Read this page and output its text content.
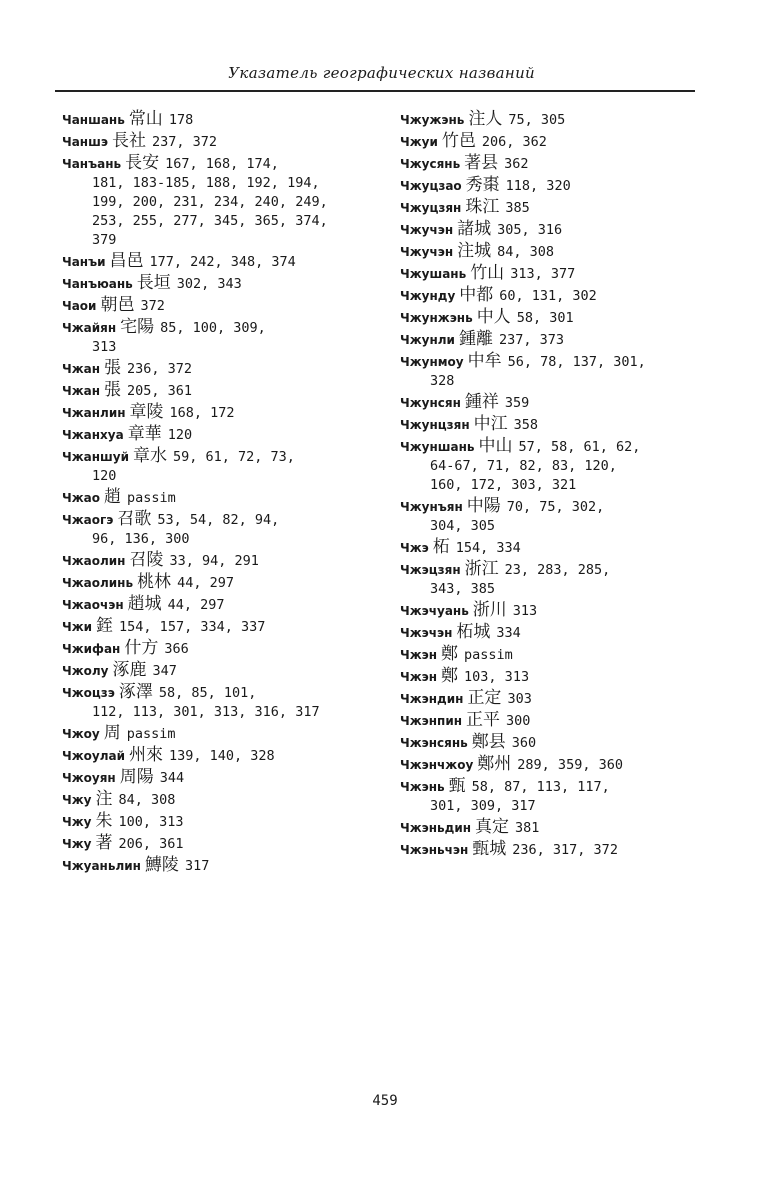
Указатель географических названий
Чаншань 常山 178
Чаншэ 長社 237, 372
Чанъань 長安 167, 168, 174,
181, 183-185, 188, 192, 194,
199, 200, 231, 234, 240, 249,
253, 255, 277, 345, 365, 374,
379
Чанъи 昌邑 177, 242, 348, 374
Чанъюань 長垣 302, 343
Чаои 朝邑 372
Чжайян 宅陽 85, 100, 309,
313
Чжан 張 236, 372
Чжан 張 205, 361
Чжанлин 章陵 168, 172
Чжанхуа 章華 120
Чжаншуй 章水 59, 61, 72, 73,
120
Чжао 趙 passim
Чжаогэ 召歌 53, 54, 82, 94,
96, 136, 300
Чжаолин 召陵 33, 94, 291
Чжаолинь 桃林 44, 297
Чжаочэн 趙城 44, 297
Чжи 銍 154, 157, 334, 337
Чжифан 什方 366
Чжолу 涿鹿 347
Чжоцзэ 涿澤 58, 85, 101,
112, 113, 301, 313, 316, 317
Чжоу 周 passim
Чжоулай 州來 139, 140, 328
Чжоуян 周陽 344
Чжу 注 84, 308
Чжу 朱 100, 313
Чжу 著 206, 361
Чжуаньлин 鱄陵 317
Чжужэнь 注人 75, 305
Чжуи 竹邑 206, 362
Чжусянь 著县 362
Чжуцзао 秀棗 118, 320
Чжуцзян 珠江 385
Чжучэн 諸城 305, 316
Чжучэн 注城 84, 308
Чжушань 竹山 313, 377
Чжунду 中都 60, 131, 302
Чжунжэнь 中人 58, 301
Чжунли 鍾離 237, 373
Чжунмоу 中牟 56, 78, 137, 301,
328
Чжунсян 鍾祥 359
Чжунцзян 中江 358
Чжуншань 中山 57, 58, 61, 62,
64-67, 71, 82, 83, 120,
160, 172, 303, 321
Чжунъян 中陽 70, 75, 302,
304, 305
Чжэ 柘 154, 334
Чжэцзян 浙江 23, 283, 285,
343, 385
Чжэчуань 浙川 313
Чжэчэн 柘城 334
Чжэн 鄭 passim
Чжэн 鄭 103, 313
Чжэндин 正定 303
Чжэнпин 正平 300
Чжэнсянь 鄭县 360
Чжэнчжоу 鄭州 289, 359, 360
Чжэнь 甄 58, 87, 113, 117,
301, 309, 317
Чжэньдин 真定 381
Чжэньчэн 甄城 236, 317, 372
459
